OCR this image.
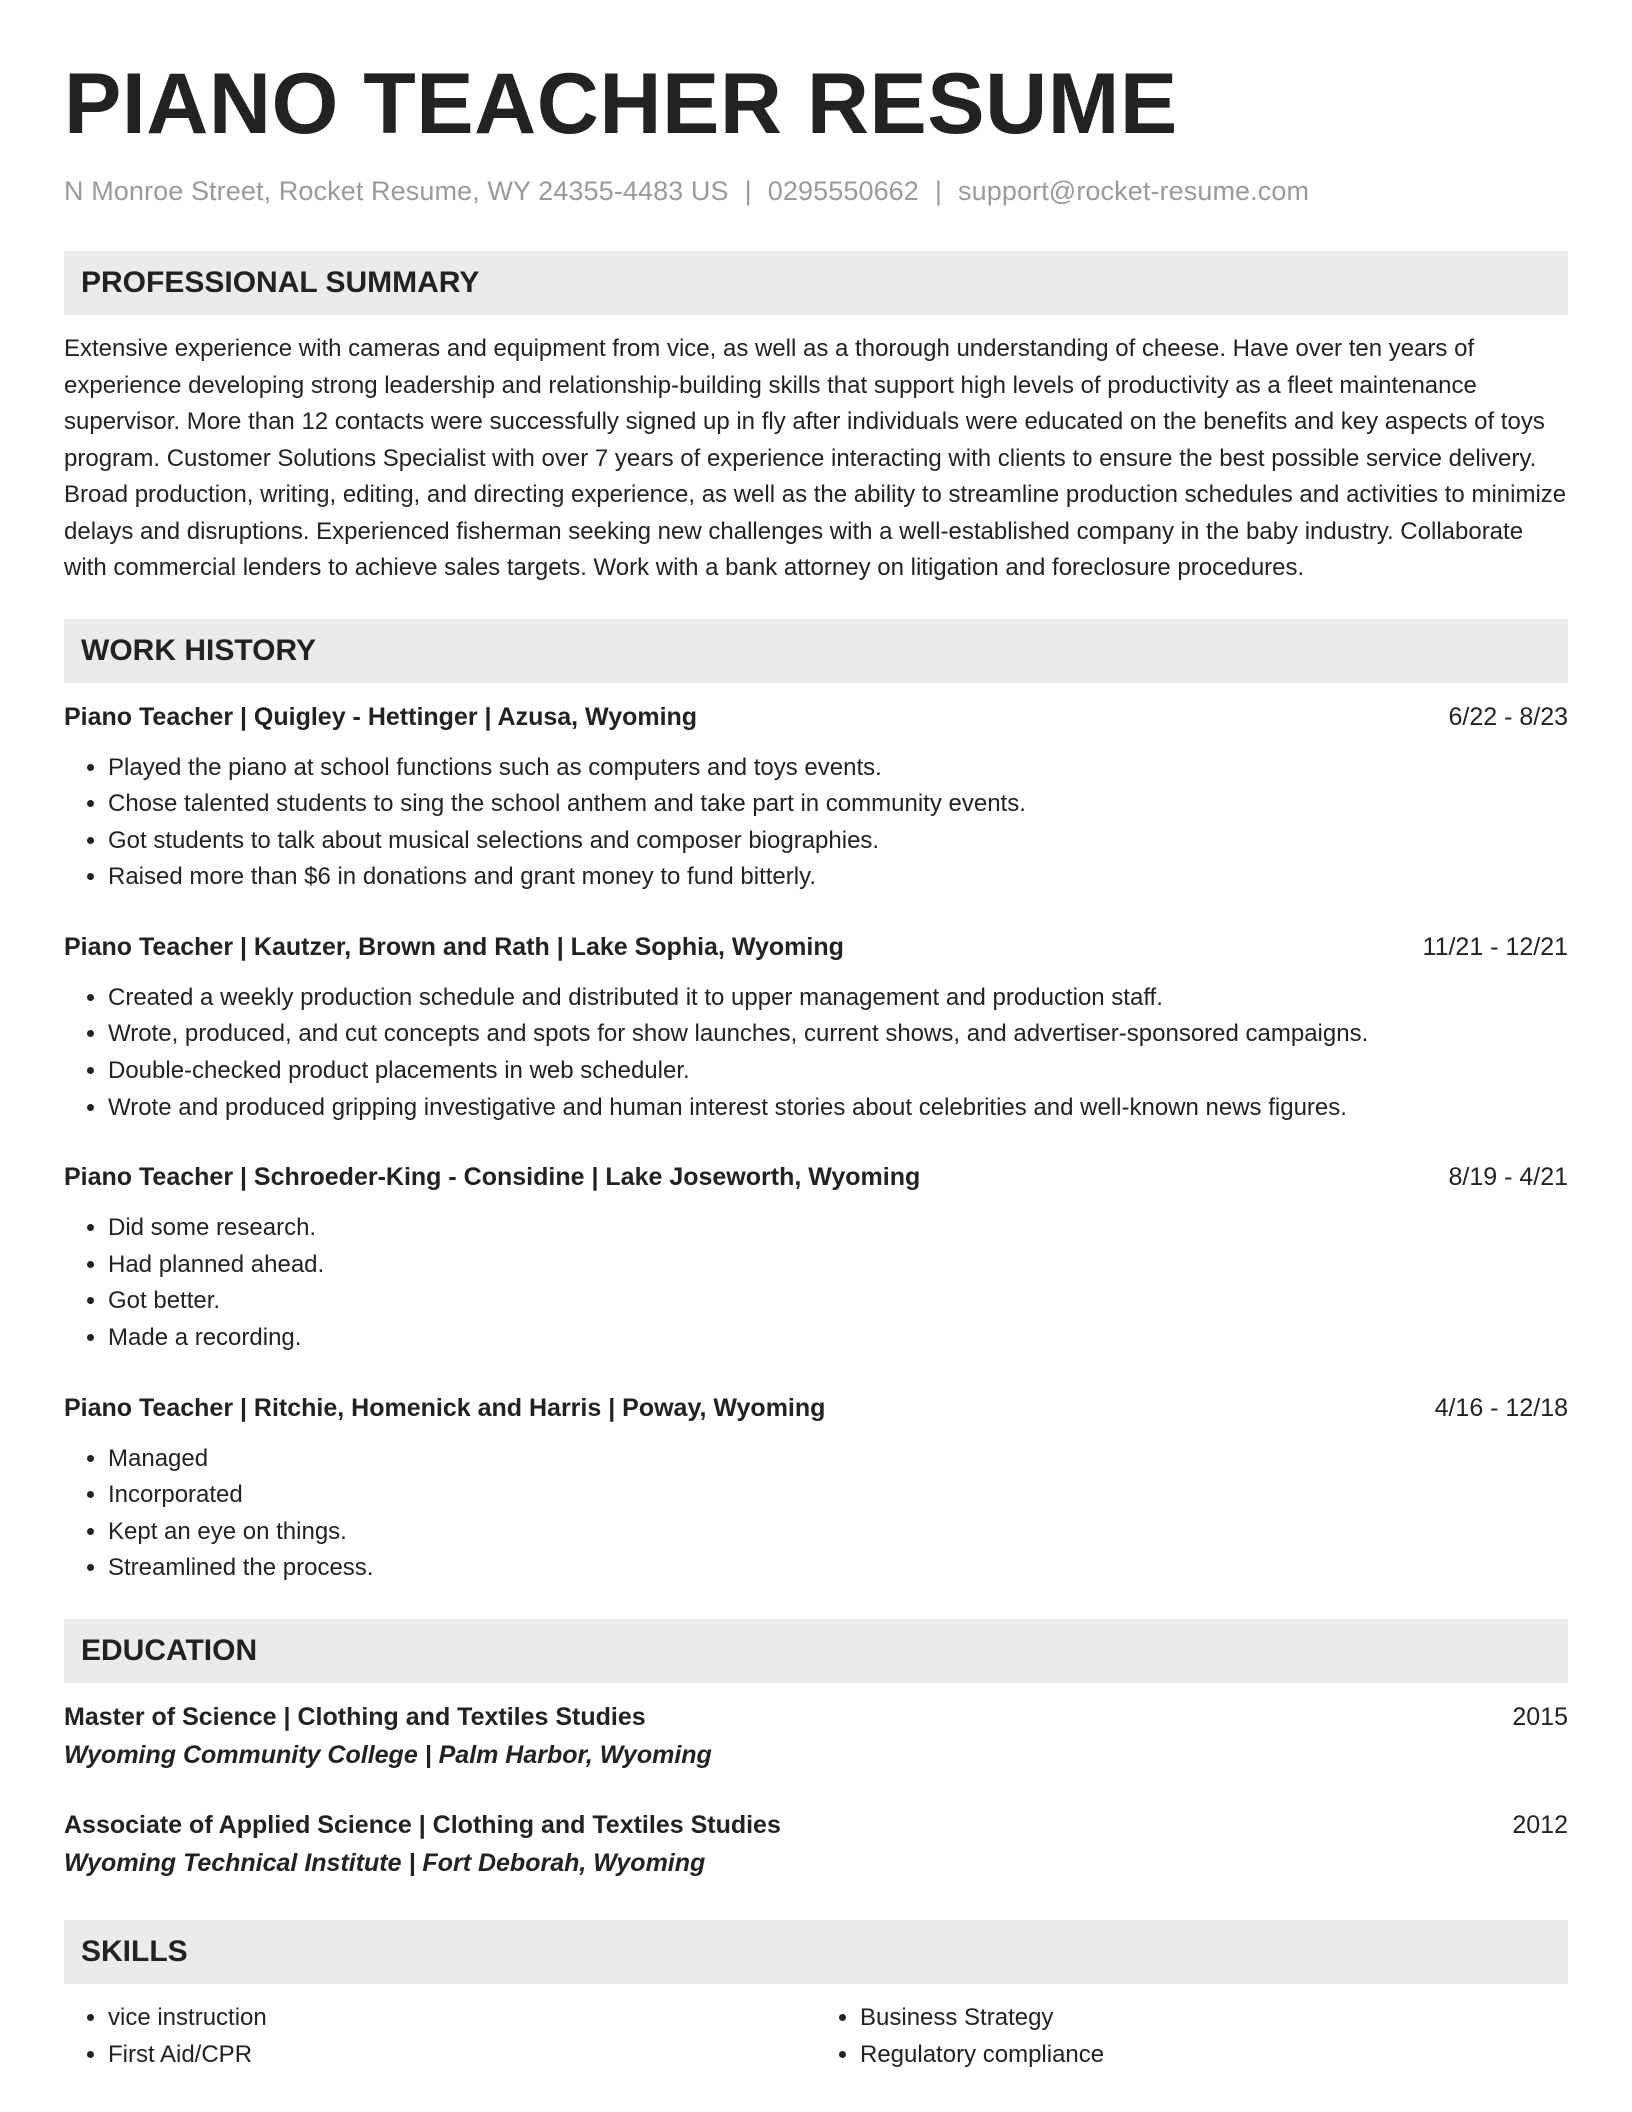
PIANO TEACHER RESUME
N Monroe Street, Rocket Resume, WY 24355-4483 US | 0295550662 | support@rocket-resume.com
PROFESSIONAL SUMMARY

Extensive experience with cameras and equipment from vice, as well as a thorough understanding of cheese. Have over ten years of experience developing strong leadership and relationship-building skills that support high levels of productivity as a fleet maintenance supervisor. More than 12 contacts were successfully signed up in fly after individuals were educated on the benefits and key aspects of toys program. Customer Solutions Specialist with over 7 years of experience interacting with clients to ensure the best possible service delivery. Broad production, writing, editing, and directing experience, as well as the ability to streamline production schedules and activities to minimize delays and disruptions. Experienced fisherman seeking new challenges with a well-established company in the baby industry. Collaborate with commercial lenders to achieve sales targets. Work with a bank attorney on litigation and foreclosure procedures.

WORK HISTORY
Piano Teacher | Quigley - Hettinger | Azusa, Wyoming	6/22 - 8/23
• Played the piano at school functions such as computers and toys events.
• Chose talented students to sing the school anthem and take part in community events.
• Got students to talk about musical selections and composer biographies.
• Raised more than $6 in donations and grant money to fund bitterly.
Piano Teacher | Kautzer, Brown and Rath | Lake Sophia, Wyoming	11/21 - 12/21
• Created a weekly production schedule and distributed it to upper management and production staff.
• Wrote, produced, and cut concepts and spots for show launches, current shows, and advertiser-sponsored campaigns.
• Double-checked product placements in web scheduler.
• Wrote and produced gripping investigative and human interest stories about celebrities and well-known news figures.
Piano Teacher | Schroeder-King - Considine | Lake Joseworth, Wyoming	8/19 - 4/21
• Did some research.
• Had planned ahead.
• Got better.
• Made a recording.
Piano Teacher | Ritchie, Homenick and Harris | Poway, Wyoming	4/16 - 12/18
• Managed
• Incorporated
• Kept an eye on things.
• Streamlined the process.
EDUCATION
Master of Science | Clothing and Textiles Studies	2015
Wyoming Community College | Palm Harbor, Wyoming
Associate of Applied Science | Clothing and Textiles Studies	2012
Wyoming Technical Institute | Fort Deborah, Wyoming
SKILLS
• vice instruction
• First Aid/CPR
• Business Strategy
• Regulatory compliance
